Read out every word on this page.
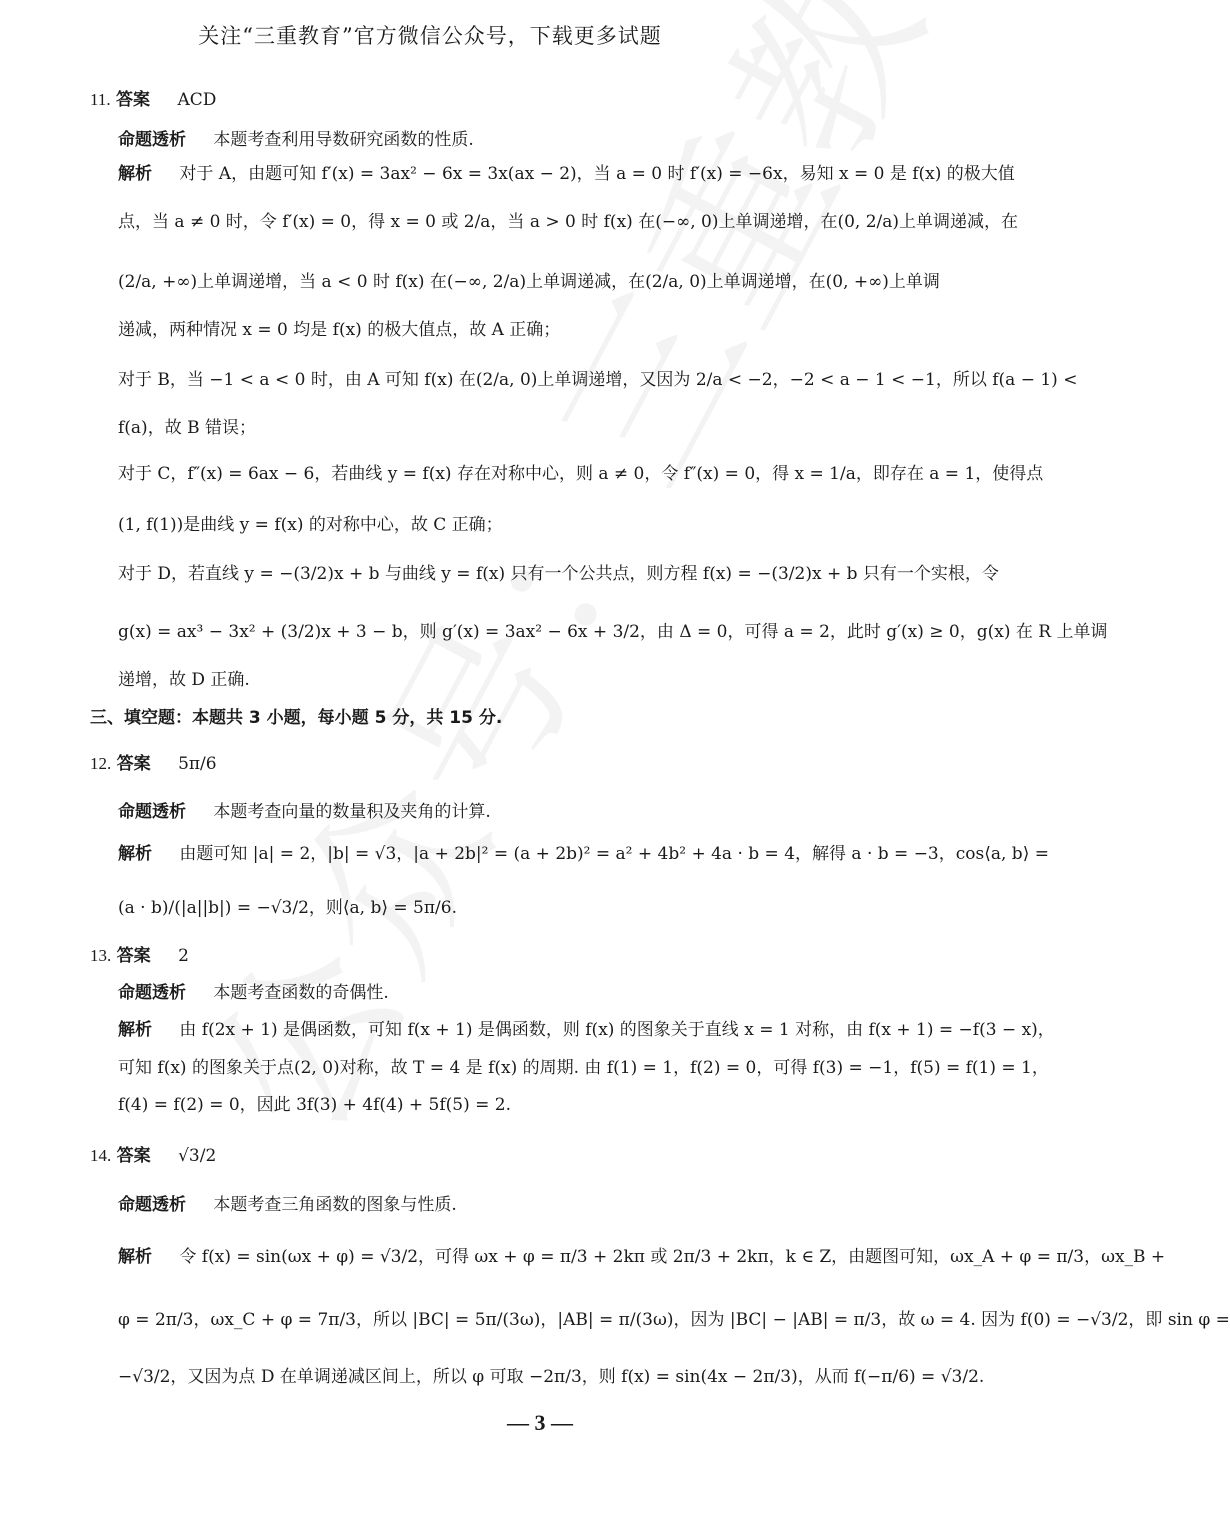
关注“三重教育”官方微信公众号，下载更多试题
11. 答案 ACD
命题透析 本题考查利用导数研究函数的性质.
解析 对于 A，由题可知 f′(x) = 3ax² − 6x = 3x(ax − 2)，当 a = 0 时 f′(x) = −6x，易知 x = 0 是 f(x) 的极大值
点，当 a ≠ 0 时，令 f′(x) = 0，得 x = 0 或 2/a，当 a > 0 时 f(x) 在(−∞, 0)上单调递增，在(0, 2/a)上单调递减，在
(2/a, +∞)上单调递增，当 a < 0 时 f(x) 在(−∞, 2/a)上单调递减，在(2/a, 0)上单调递增，在(0, +∞)上单调
递减，两种情况 x = 0 均是 f(x) 的极大值点，故 A 正确；
对于 B，当 −1 < a < 0 时，由 A 可知 f(x) 在(2/a, 0)上单调递增，又因为 2/a < −2，−2 < a − 1 < −1，所以 f(a − 1) <
f(a)，故 B 错误；
对于 C，f″(x) = 6ax − 6，若曲线 y = f(x) 存在对称中心，则 a ≠ 0，令 f″(x) = 0，得 x = 1/a，即存在 a = 1，使得点
(1, f(1))是曲线 y = f(x) 的对称中心，故 C 正确；
对于 D，若直线 y = −(3/2)x + b 与曲线 y = f(x) 只有一个公共点，则方程 f(x) = −(3/2)x + b 只有一个实根，令
g(x) = ax³ − 3x² + (3/2)x + 3 − b，则 g′(x) = 3ax² − 6x + 3/2，由 Δ = 0，可得 a = 2，此时 g′(x) ≥ 0，g(x) 在 R 上单调
递增，故 D 正确.
三、填空题：本题共 3 小题，每小题 5 分，共 15 分.
12. 答案 5π/6
命题透析 本题考查向量的数量积及夹角的计算.
解析 由题可知 |a| = 2，|b| = √3，|a + 2b|² = (a + 2b)² = a² + 4b² + 4a · b = 4，解得 a · b = −3，cos⟨a, b⟩ =
(a · b)/(|a||b|) = −√3/2，则⟨a, b⟩ = 5π/6.
13. 答案 2
命题透析 本题考查函数的奇偶性.
解析 由 f(2x + 1) 是偶函数，可知 f(x + 1) 是偶函数，则 f(x) 的图象关于直线 x = 1 对称，由 f(x + 1) = −f(3 − x)，
可知 f(x) 的图象关于点(2, 0)对称，故 T = 4 是 f(x) 的周期. 由 f(1) = 1，f(2) = 0，可得 f(3) = −1，f(5) = f(1) = 1，
f(4) = f(2) = 0，因此 3f(3) + 4f(4) + 5f(5) = 2.
14. 答案 √3/2
命题透析 本题考查三角函数的图象与性质.
解析 令 f(x) = sin(ωx + φ) = √3/2，可得 ωx + φ = π/3 + 2kπ 或 2π/3 + 2kπ，k ∈ Z，由题图可知，ωx_A + φ = π/3，ωx_B +
φ = 2π/3，ωx_C + φ = 7π/3，所以 |BC| = 5π/(3ω)，|AB| = π/(3ω)，因为 |BC| − |AB| = π/3，故 ω = 4. 因为 f(0) = −√3/2，即 sin φ =
−√3/2，又因为点 D 在单调递减区间上，所以 φ 可取 −2π/3，则 f(x) = sin(4x − 2π/3)，从而 f(−π/6) = √3/2.
— 3 —
